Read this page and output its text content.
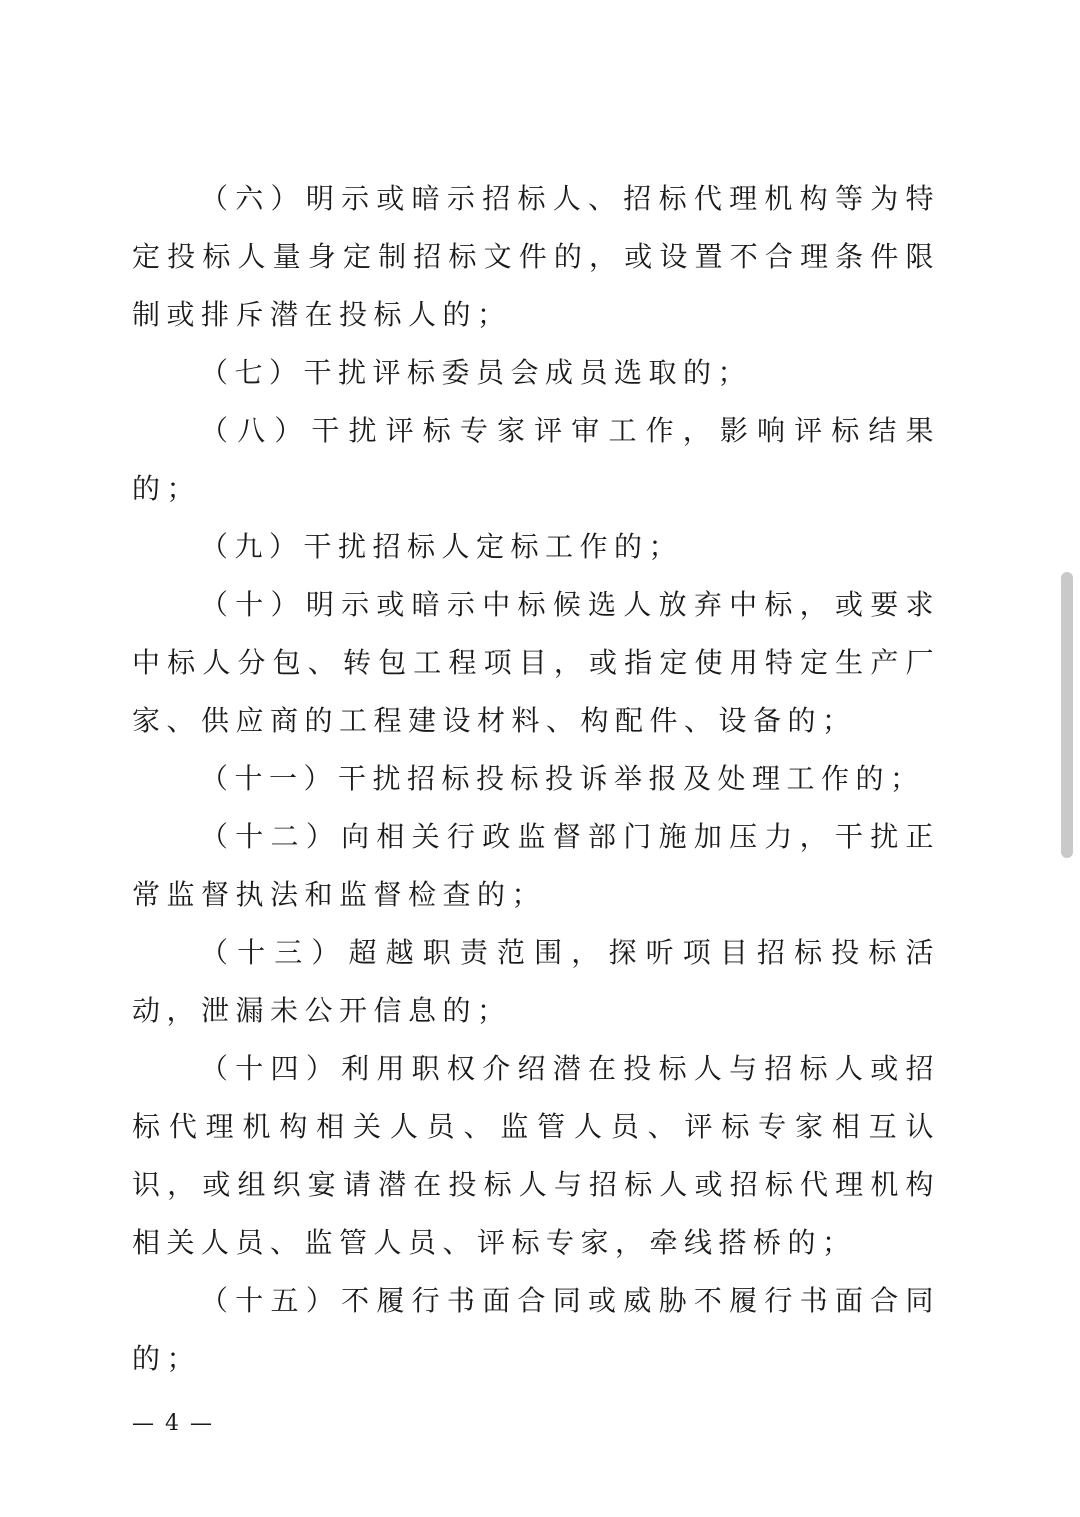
（六）明示或暗示招标人、招标代理机构等为特定投标人量身定制招标文件的，或设置不合理条件限制或排斥潜在投标人的；

（七）干扰评标委员会成员选取的；

（八）干扰评标专家评审工作，影响评标结果的；

（九）干扰招标人定标工作的；

（十）明示或暗示中标候选人放弃中标，或要求中标人分包、转包工程项目，或指定使用特定生产厂家、供应商的工程建设材料、构配件、设备的；

（十一）干扰招标投标投诉举报及处理工作的；

（十二）向相关行政监督部门施加压力，干扰正常监督执法和监督检查的；

（十三）超越职责范围，探听项目招标投标活动，泄漏未公开信息的；

（十四）利用职权介绍潜在投标人与招标人或招标代理机构相关人员、监管人员、评标专家相互认识，或组织宴请潜在投标人与招标人或招标代理机构相关人员、监管人员、评标专家，牵线搭桥的；

（十五）不履行书面合同或威胁不履行书面合同的；

— 4 —
